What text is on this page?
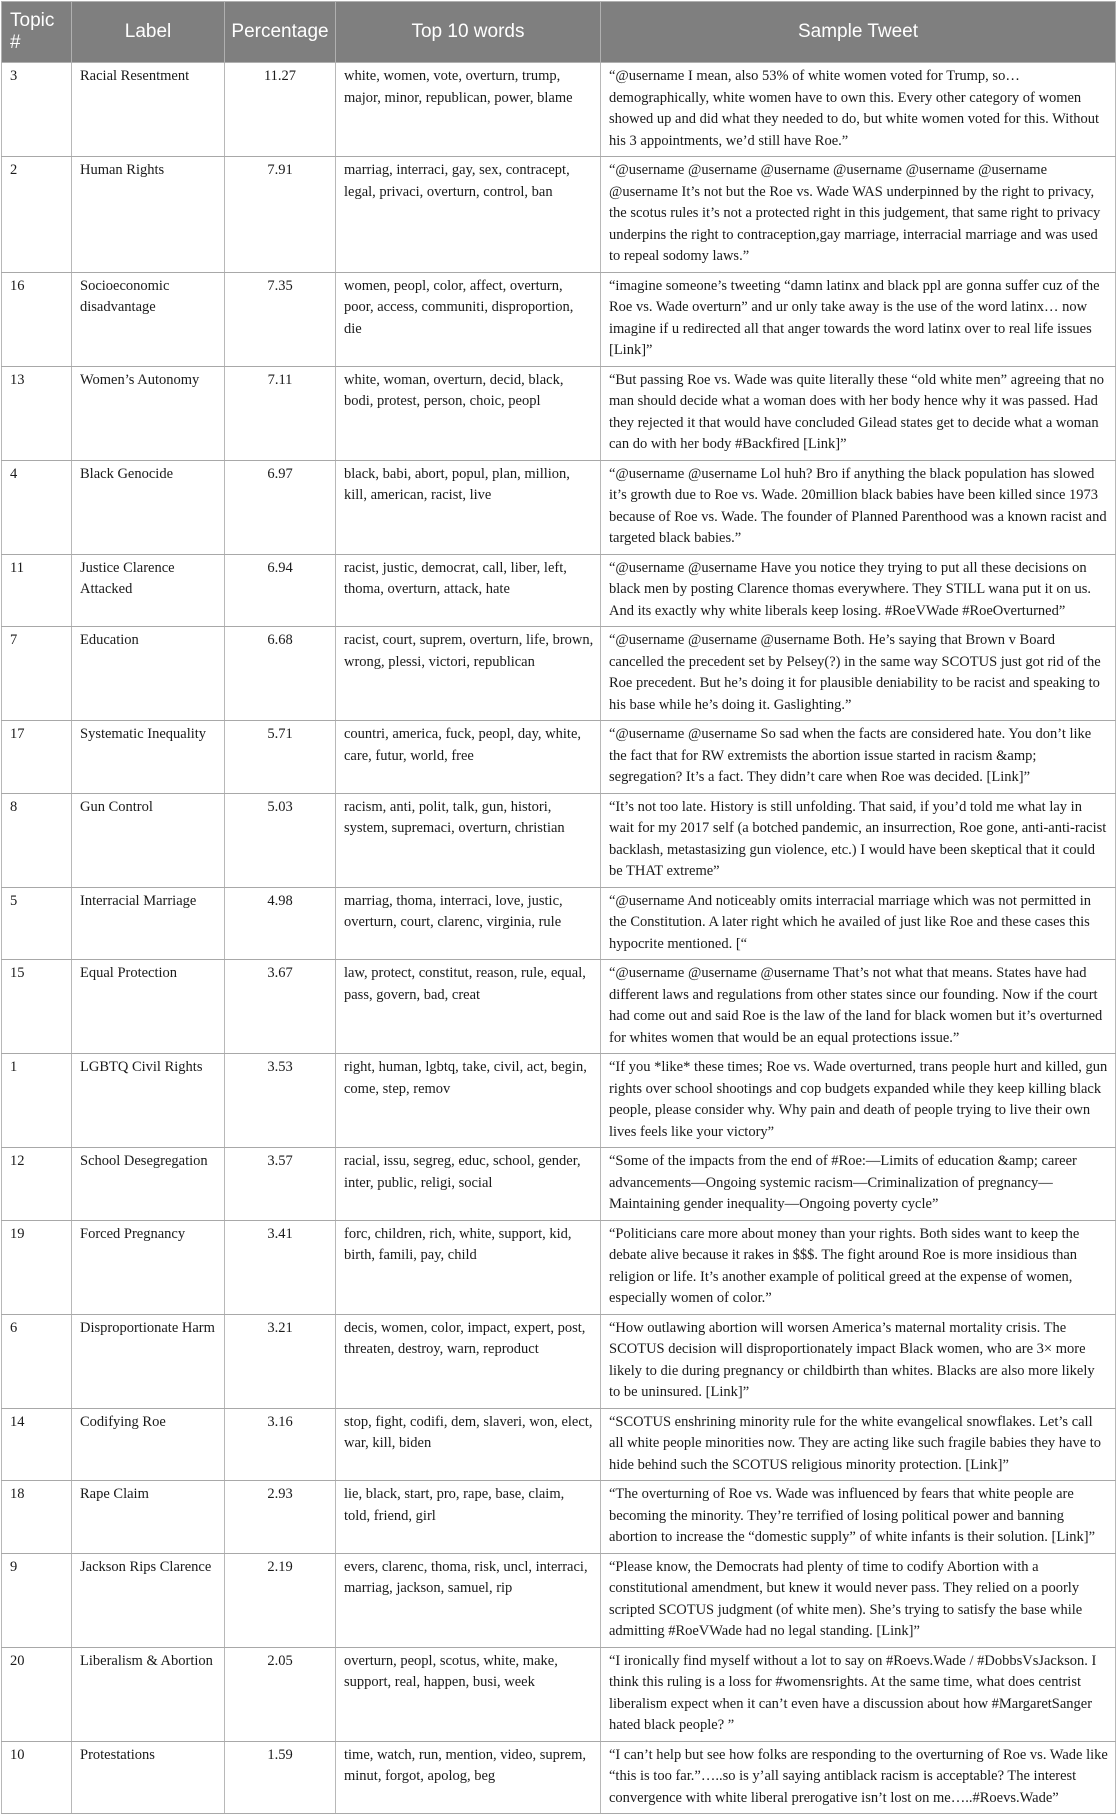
Topic #	Label	Percentage	Top 10 words	Sample Tweet
3	Racial Resentment	11.27	white, women, vote, overturn, trump, major, minor, republican, power, blame	“@username I mean, also 53% of white women voted for Trump, so… demographically, white women have to own this. Every other category of women showed up and did what they needed to do, but white women voted for this. Without his 3 appointments, we’d still have Roe.”
2	Human Rights	7.91	marriag, interraci, gay, sex, contracept, legal, privaci, overturn, control, ban	“@username @username @username @username @username @username @username It’s not but the Roe vs. Wade WAS underpinned by the right to privacy, the scotus rules it’s not a protected right in this judgement, that same right to privacy underpins the right to contraception,gay marriage, interracial marriage and was used to repeal sodomy laws.”
16	Socioeconomic disadvantage	7.35	women, peopl, color, affect, overturn, poor, access, communiti, disproportion, die	“imagine someone’s tweeting “damn latinx and black ppl are gonna suffer cuz of the Roe vs. Wade overturn” and ur only take away is the use of the word latinx… now imagine if u redirected all that anger towards the word latinx over to real life issues [Link]”
13	Women’s Autonomy	7.11	white, woman, overturn, decid, black, bodi, protest, person, choic, peopl	“But passing Roe vs. Wade was quite literally these “old white men” agreeing that no man should decide what a woman does with her body hence why it was passed. Had they rejected it that would have concluded Gilead states get to decide what a woman can do with her body #Backfired [Link]”
4	Black Genocide	6.97	black, babi, abort, popul, plan, million, kill, american, racist, live	“@username @username Lol huh? Bro if anything the black population has slowed it’s growth due to Roe vs. Wade. 20million black babies have been killed since 1973 because of Roe vs. Wade. The founder of Planned Parenthood was a known racist and targeted black babies.”
11	Justice Clarence Attacked	6.94	racist, justic, democrat, call, liber, left, thoma, overturn, attack, hate	“@username @username Have you notice they trying to put all these decisions on black men by posting Clarence thomas everywhere. They STILL wana put it on us. And its exactly why white liberals keep losing. #RoeVWade #RoeOverturned”
7	Education	6.68	racist, court, suprem, overturn, life, brown, wrong, plessi, victori, republican	“@username @username @username Both. He’s saying that Brown v Board cancelled the precedent set by Pelsey(?) in the same way SCOTUS just got rid of the Roe precedent. But he’s doing it for plausible deniability to be racist and speaking to his base while he’s doing it. Gaslighting.”
17	Systematic Inequality	5.71	countri, america, fuck, peopl, day, white, care, futur, world, free	“@username @username So sad when the facts are considered hate. You don’t like the fact that for RW extremists the abortion issue started in racism &amp; segregation? It’s a fact. They didn’t care when Roe was decided. [Link]”
8	Gun Control	5.03	racism, anti, polit, talk, gun, histori, system, supremaci, overturn, christian	“It’s not too late. History is still unfolding. That said, if you’d told me what lay in wait for my 2017 self (a botched pandemic, an insurrection, Roe gone, anti-anti-racist backlash, metastasizing gun violence, etc.) I would have been skeptical that it could be THAT extreme”
5	Interracial Marriage	4.98	marriag, thoma, interraci, love, justic, overturn, court, clarenc, virginia, rule	“@username And noticeably omits interracial marriage which was not permitted in the Constitution. A later right which he availed of just like Roe and these cases this hypocrite mentioned. [“
15	Equal Protection	3.67	law, protect, constitut, reason, rule, equal, pass, govern, bad, creat	“@username @username @username That’s not what that means. States have had different laws and regulations from other states since our founding. Now if the court had come out and said Roe is the law of the land for black women but it’s overturned for whites women that would be an equal protections issue.”
1	LGBTQ Civil Rights	3.53	right, human, lgbtq, take, civil, act, begin, come, step, remov	“If you *like* these times; Roe vs. Wade overturned, trans people hurt and killed, gun rights over school shootings and cop budgets expanded while they keep killing black people, please consider why. Why pain and death of people trying to live their own lives feels like your victory”
12	School Desegregation	3.57	racial, issu, segreg, educ, school, gender, inter, public, religi, social	“Some of the impacts from the end of #Roe:—Limits of education &amp; career advancements—Ongoing systemic racism—Criminalization of pregnancy—Maintaining gender inequality—Ongoing poverty cycle”
19	Forced Pregnancy	3.41	forc, children, rich, white, support, kid, birth, famili, pay, child	“Politicians care more about money than your rights. Both sides want to keep the debate alive because it rakes in $$$. The fight around Roe is more insidious than religion or life. It’s another example of political greed at the expense of women, especially women of color.”
6	Disproportionate Harm	3.21	decis, women, color, impact, expert, post, threaten, destroy, warn, reproduct	“How outlawing abortion will worsen America’s maternal mortality crisis. The SCOTUS decision will disproportionately impact Black women, who are 3× more likely to die during pregnancy or childbirth than whites. Blacks are also more likely to be uninsured. [Link]”
14	Codifying Roe	3.16	stop, fight, codifi, dem, slaveri, won, elect, war, kill, biden	“SCOTUS enshrining minority rule for the white evangelical snowflakes. Let’s call all white people minorities now. They are acting like such fragile babies they have to hide behind such the SCOTUS religious minority protection. [Link]”
18	Rape Claim	2.93	lie, black, start, pro, rape, base, claim, told, friend, girl	“The overturning of Roe vs. Wade was influenced by fears that white people are becoming the minority. They’re terrified of losing political power and banning abortion to increase the “domestic supply” of white infants is their solution. [Link]”
9	Jackson Rips Clarence	2.19	evers, clarenc, thoma, risk, uncl, interraci, marriag, jackson, samuel, rip	“Please know, the Democrats had plenty of time to codify Abortion with a constitutional amendment, but knew it would never pass. They relied on a poorly scripted SCOTUS judgment (of white men). She’s trying to satisfy the base while admitting #RoeVWade had no legal standing. [Link]”
20	Liberalism & Abortion	2.05	overturn, peopl, scotus, white, make, support, real, happen, busi, week	“I ironically find myself without a lot to say on #Roevs.Wade / #DobbsVsJackson. I think this ruling is a loss for #womensrights. At the same time, what does centrist liberalism expect when it can’t even have a discussion about how #MargaretSanger hated black people? ”
10	Protestations	1.59	time, watch, run, mention, video, suprem, minut, forgot, apolog, beg	“I can’t help but see how folks are responding to the overturning of Roe vs. Wade like “this is too far.”…..so is y’all saying antiblack racism is acceptable? The interest convergence with white liberal prerogative isn’t lost on me…..#Roevs.Wade”
